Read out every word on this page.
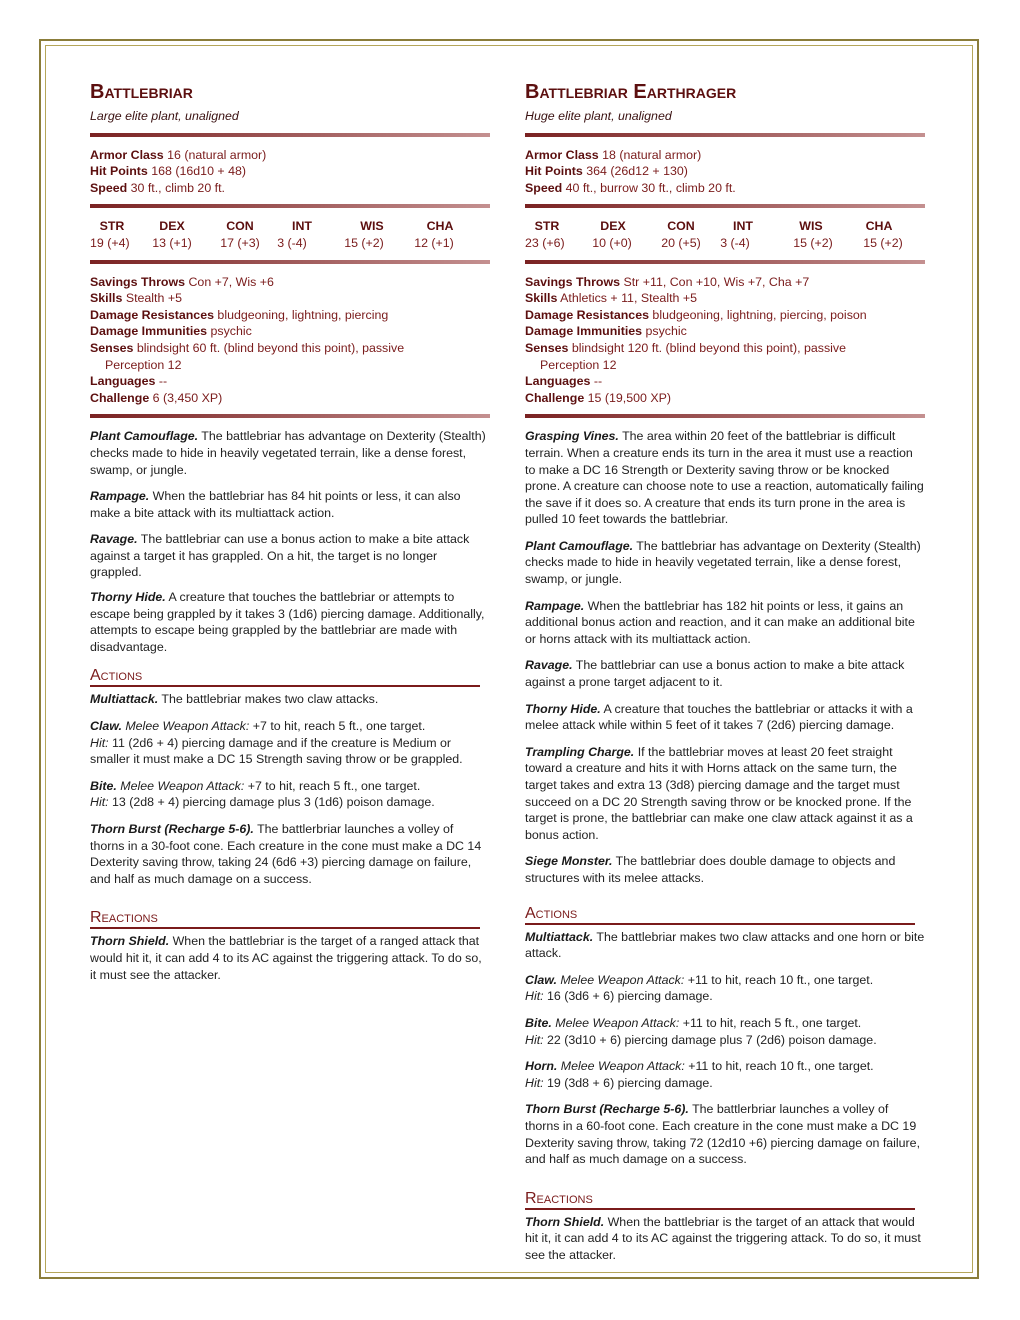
Battlebriar
Large elite plant, unaligned
Armor Class 16 (natural armor)
Hit Points 168 (16d10 + 48)
Speed 30 ft., climb 20 ft.
STR	DEX	CON	INT	WIS	CHA
19 (+4)	13 (+1)	17 (+3)	3 (-4)	15 (+2)	12 (+1)
Savings Throws Con +7, Wis +6
Skills Stealth +5
Damage Resistances bludgeoning, lightning, piercing
Damage Immunities psychic
Senses blindsight 60 ft. (blind beyond this point), passive
Perception 12
Languages --
Challenge 6 (3,450 XP)

Plant Camouflage. The battlebriar has advantage on Dexterity (Stealth) checks made to hide in heavily vegetated terrain, like a dense forest, swamp, or jungle.

Rampage. When the battlebriar has 84 hit points or less, it can also make a bite attack with its multiattack action.

Ravage. The battlebriar can use a bonus action to make a bite attack against a target it has grappled. On a hit, the target is no longer grappled.

Thorny Hide. A creature that touches the battlebriar or attempts to escape being grappled by it takes 3 (1d6) piercing damage. Additionally, attempts to escape being grappled by the battlebriar are made with disadvantage.

Actions

Multiattack. The battlebriar makes two claw attacks.

Claw. Melee Weapon Attack: +7 to hit, reach 5 ft., one target.
Hit: 11 (2d6 + 4) piercing damage and if the creature is Medium or smaller it must make a DC 15 Strength saving throw or be grappled.

Bite. Melee Weapon Attack: +7 to hit, reach 5 ft., one target.
Hit: 13 (2d8 + 4) piercing damage plus 3 (1d6) poison damage.

Thorn Burst (Recharge 5-6). The battlerbriar launches a volley of thorns in a 30-foot cone. Each creature in the cone must make a DC 14 Dexterity saving throw, taking 24 (6d6 +3) piercing damage on failure, and half as much damage on a success.

Reactions

Thorn Shield. When the battlebriar is the target of a ranged attack that would hit it, it can add 4 to its AC against the triggering attack. To do so, it must see the attacker.

Battlebriar Earthrager
Huge elite plant, unaligned
Armor Class 18 (natural armor)
Hit Points 364 (26d12 + 130)
Speed 40 ft., burrow 30 ft., climb 20 ft.
STR	DEX	CON	INT	WIS	CHA
23 (+6)	10 (+0)	20 (+5)	3 (-4)	15 (+2)	15 (+2)
Savings Throws Str +11, Con +10, Wis +7, Cha +7
Skills Athletics + 11, Stealth +5
Damage Resistances bludgeoning, lightning, piercing, poison
Damage Immunities psychic
Senses blindsight 120 ft. (blind beyond this point), passive
Perception 12
Languages --
Challenge 15 (19,500 XP)

Grasping Vines. The area within 20 feet of the battlebriar is difficult terrain. When a creature ends its turn in the area it must use a reaction to make a DC 16 Strength or Dexterity saving throw or be knocked prone. A creature can choose note to use a reaction, automatically failing the save if it does so. A creature that ends its turn prone in the area is pulled 10 feet towards the battlebriar.

Plant Camouflage. The battlebriar has advantage on Dexterity (Stealth) checks made to hide in heavily vegetated terrain, like a dense forest, swamp, or jungle.

Rampage. When the battlebriar has 182 hit points or less, it gains an additional bonus action and reaction, and it can make an additional bite or horns attack with its multiattack action.

Ravage. The battlebriar can use a bonus action to make a bite attack against a prone target adjacent to it.

Thorny Hide. A creature that touches the battlebriar or attacks it with a melee attack while within 5 feet of it takes 7 (2d6) piercing damage.

Trampling Charge. If the battlebriar moves at least 20 feet straight toward a creature and hits it with Horns attack on the same turn, the target takes and extra 13 (3d8) piercing damage and the target must succeed on a DC 20 Strength saving throw or be knocked prone. If the target is prone, the battlebriar can make one claw attack against it as a bonus action.

Siege Monster. The battlebriar does double damage to objects and structures with its melee attacks.

Actions

Multiattack. The battlebriar makes two claw attacks and one horn or bite attack.

Claw. Melee Weapon Attack: +11 to hit, reach 10 ft., one target.
Hit: 16 (3d6 + 6) piercing damage.

Bite. Melee Weapon Attack: +11 to hit, reach 5 ft., one target.
Hit: 22 (3d10 + 6) piercing damage plus 7 (2d6) poison damage.

Horn. Melee Weapon Attack: +11 to hit, reach 10 ft., one target.
Hit: 19 (3d8 + 6) piercing damage.

Thorn Burst (Recharge 5-6). The battlerbriar launches a volley of thorns in a 60-foot cone. Each creature in the cone must make a DC 19 Dexterity saving throw, taking 72 (12d10 +6) piercing damage on failure, and half as much damage on a success.

Reactions

Thorn Shield. When the battlebriar is the target of an attack that would hit it, it can add 4 to its AC against the triggering attack. To do so, it must see the attacker.
